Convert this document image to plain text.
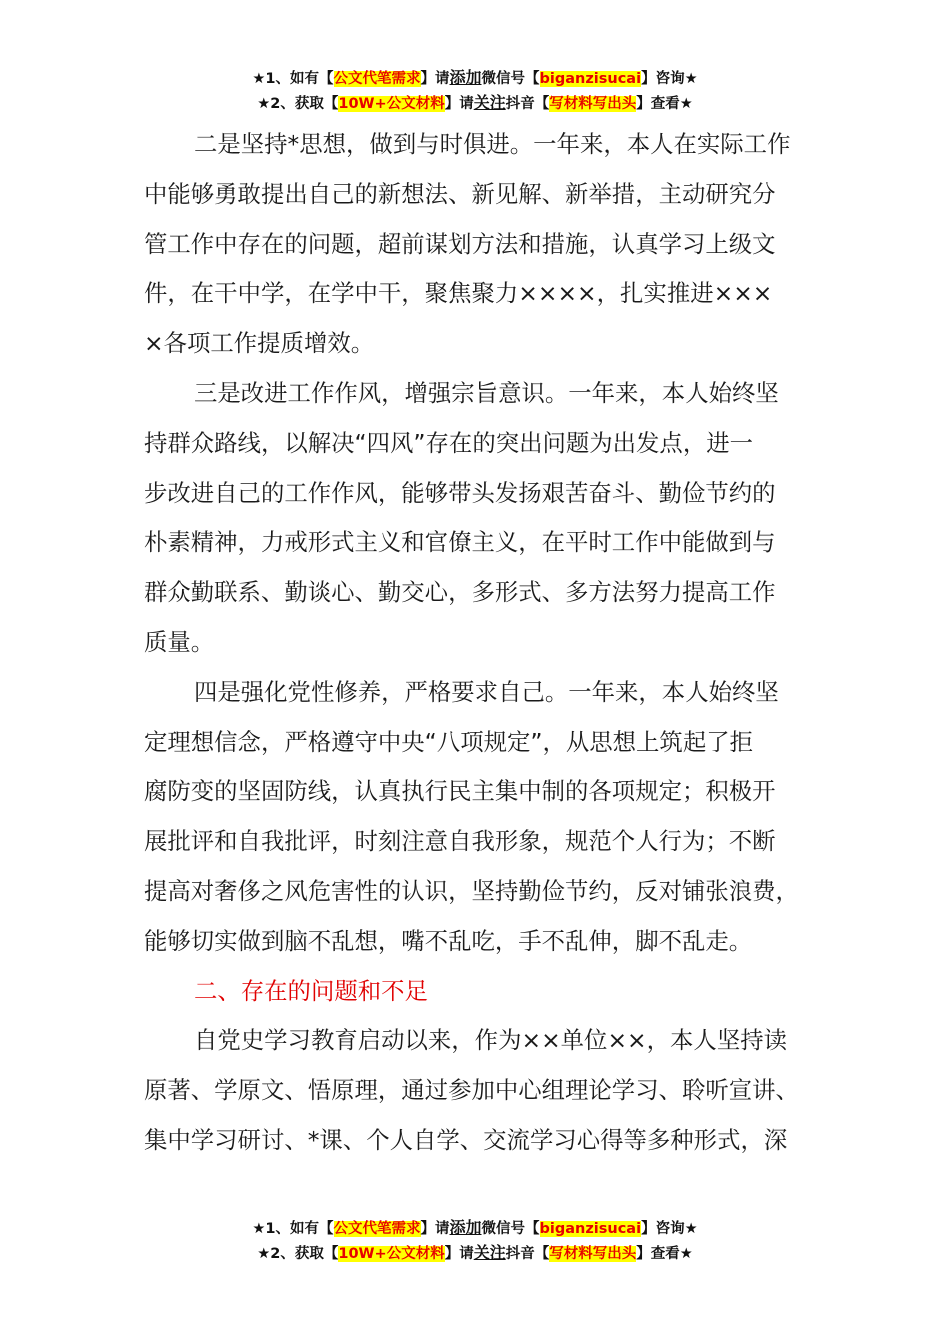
★1、如有【公文代笔需求】请添加微信号【biganzisucai】咨询★
★2、获取【10W+公文材料】请关注抖音【写材料写出头】查看★

二是坚持*思想，做到与时俱进。一年来，本人在实际工作
中能够勇敢提出自己的新想法、新见解、新举措，主动研究分
管工作中存在的问题，超前谋划方法和措施，认真学习上级文
件，在干中学，在学中干，聚焦聚力××××，扎实推进×××
×各项工作提质增效。

三是改进工作作风，增强宗旨意识。一年来，本人始终坚
持群众路线，以解决“四风”存在的突出问题为出发点，进一
步改进自己的工作作风，能够带头发扬艰苦奋斗、勤俭节约的
朴素精神，力戒形式主义和官僚主义，在平时工作中能做到与
群众勤联系、勤谈心、勤交心，多形式、多方法努力提高工作
质量。

四是强化党性修养，严格要求自己。一年来，本人始终坚
定理想信念，严格遵守中央“八项规定”，从思想上筑起了拒
腐防变的坚固防线，认真执行民主集中制的各项规定；积极开
展批评和自我批评，时刻注意自我形象，规范个人行为；不断
提高对奢侈之风危害性的认识，坚持勤俭节约，反对铺张浪费，
能够切实做到脑不乱想，嘴不乱吃，手不乱伸，脚不乱走。

二、存在的问题和不足

自党史学习教育启动以来，作为××单位××，本人坚持读
原著、学原文、悟原理，通过参加中心组理论学习、聆听宣讲、
集中学习研讨、*课、个人自学、交流学习心得等多种形式，深

★1、如有【公文代笔需求】请添加微信号【biganzisucai】咨询★
★2、获取【10W+公文材料】请关注抖音【写材料写出头】查看★
